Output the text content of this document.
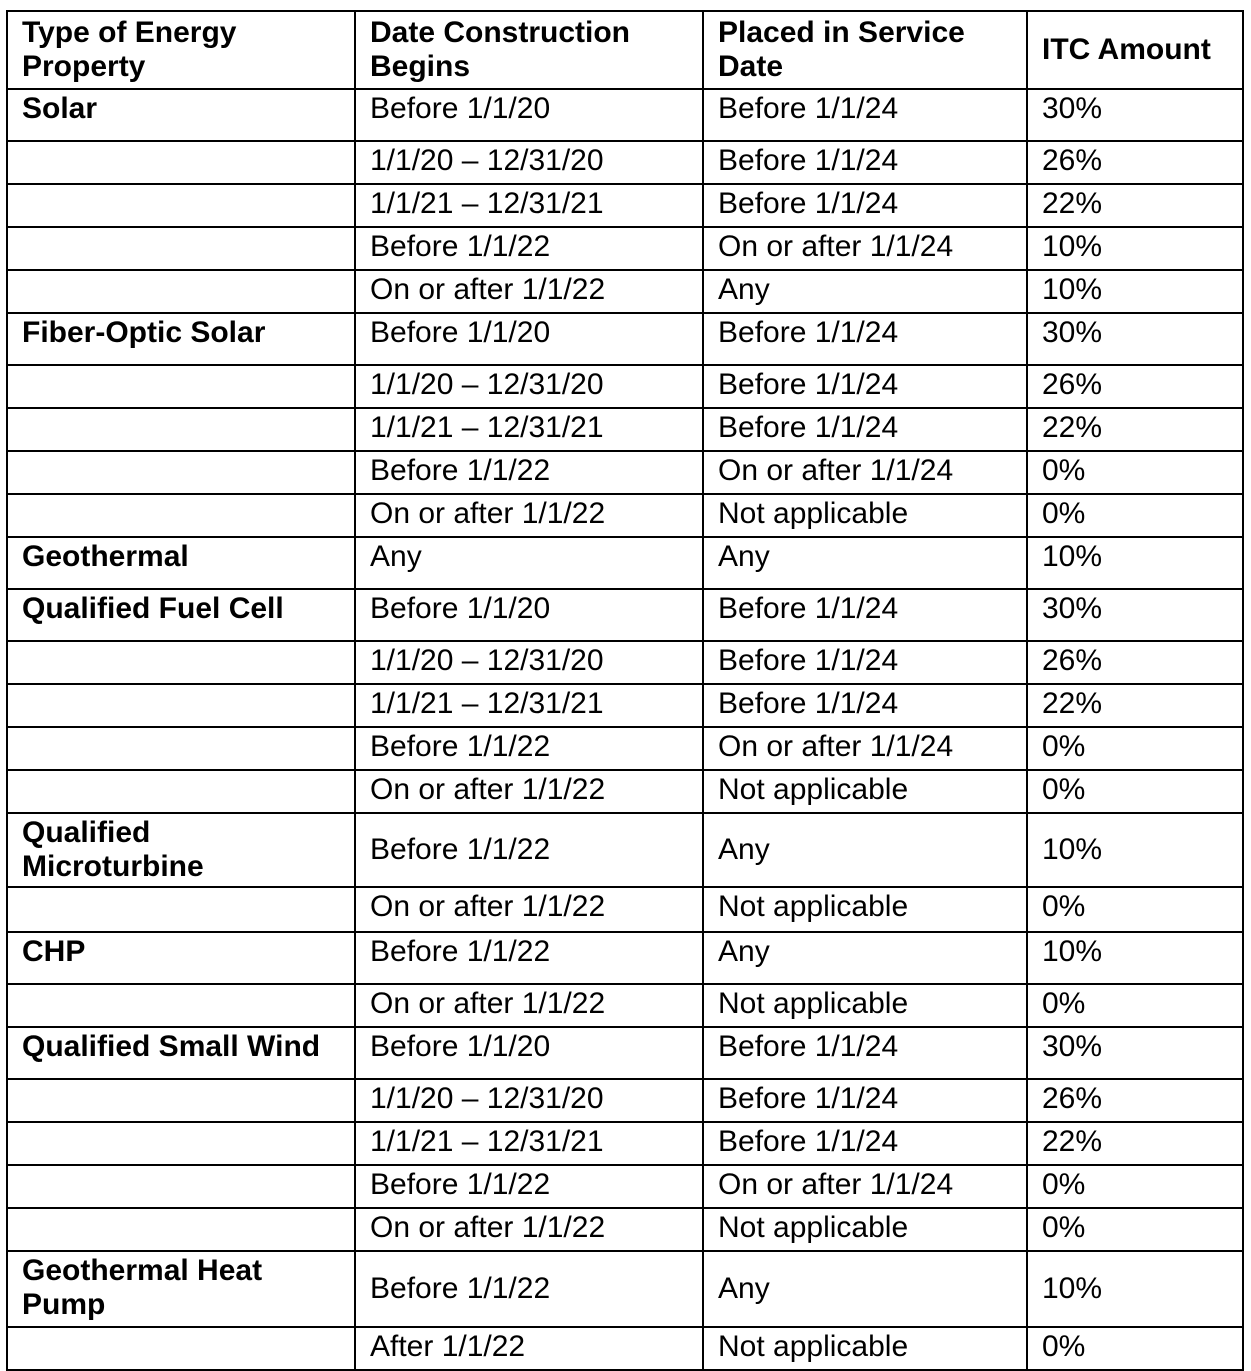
Type of Energy Property	Date Construction Begins	Placed in Service Date	ITC Amount
Solar	Before 1/1/20	Before 1/1/24	30%
	1/1/20 – 12/31/20	Before 1/1/24	26%
	1/1/21 – 12/31/21	Before 1/1/24	22%
	Before 1/1/22	On or after 1/1/24	10%
	On or after 1/1/22	Any	10%
Fiber-Optic Solar	Before 1/1/20	Before 1/1/24	30%
	1/1/20 – 12/31/20	Before 1/1/24	26%
	1/1/21 – 12/31/21	Before 1/1/24	22%
	Before 1/1/22	On or after 1/1/24	0%
	On or after 1/1/22	Not applicable	0%
Geothermal	Any	Any	10%
Qualified Fuel Cell	Before 1/1/20	Before 1/1/24	30%
	1/1/20 – 12/31/20	Before 1/1/24	26%
	1/1/21 – 12/31/21	Before 1/1/24	22%
	Before 1/1/22	On or after 1/1/24	0%
	On or after 1/1/22	Not applicable	0%
Qualified Microturbine	Before 1/1/22	Any	10%
	On or after 1/1/22	Not applicable	0%
CHP	Before 1/1/22	Any	10%
	On or after 1/1/22	Not applicable	0%
Qualified Small Wind	Before 1/1/20	Before 1/1/24	30%
	1/1/20 – 12/31/20	Before 1/1/24	26%
	1/1/21 – 12/31/21	Before 1/1/24	22%
	Before 1/1/22	On or after 1/1/24	0%
	On or after 1/1/22	Not applicable	0%
Geothermal Heat Pump	Before 1/1/22	Any	10%
	After 1/1/22	Not applicable	0%
